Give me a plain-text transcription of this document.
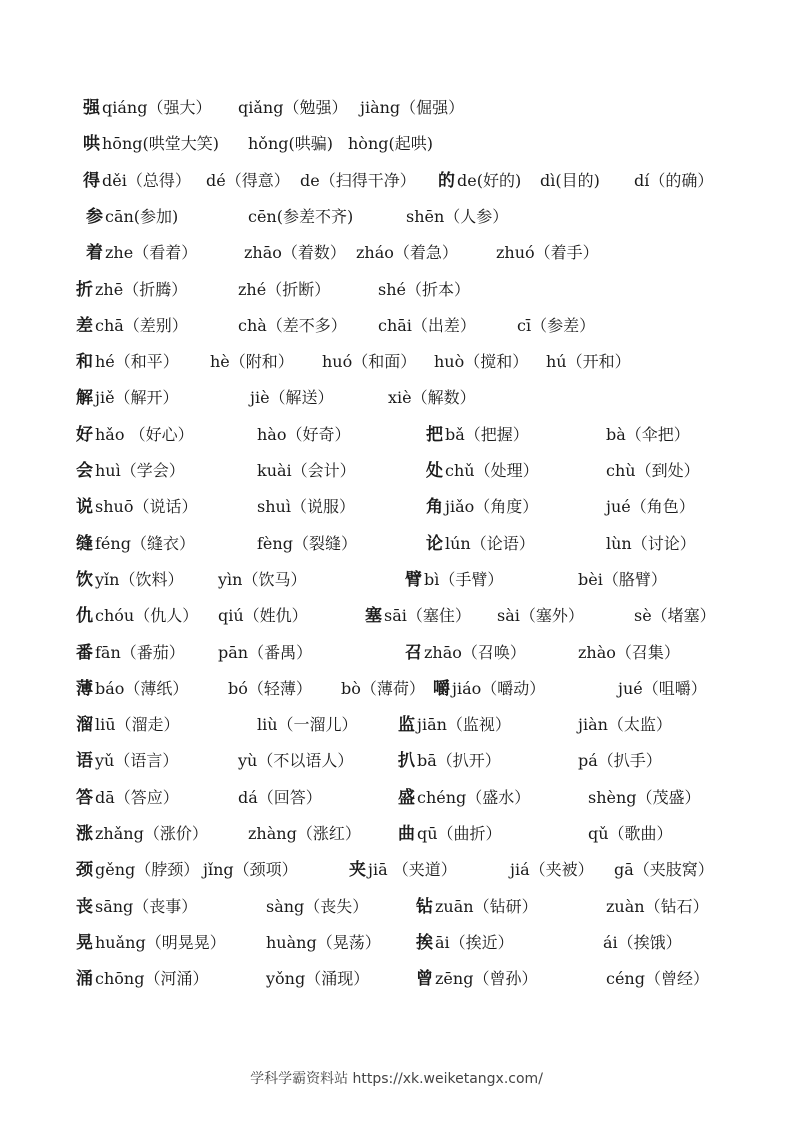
强 qiáng（强大） qiǎng（勉强） jiàng（倔强）
哄 hōng(哄堂大笑) hǒng(哄骗) hòng(起哄)
得 děi（总得） dé（得意） de（扫得干净） 的 de(好的) dì(目的) dí（的确）
参 cān(参加)	cēn(参差不齐)	shēn（人参）
着 zhe（看着）	zhāo（着数） zháo（着急） zhuó（着手）
折 zhē（折腾）	zhé（折断）	shé（折本）
差 chā（差别）	chà（差不多） chāi（出差）	cī（参差）
和 hé（和平） hè（附和） huó（和面） huò（搅和） hú（开和）
解 jiě（解开）	jiè（解送）	xiè（解数）
好 hǎo （好心）	hào（好奇）	把 bǎ（把握）	bà（伞把）
会 huì（学会）	kuài（会计）	处 chǔ（处理）	chù（到处）
说 shuō（说话）	shuì（说服）	角 jiǎo（角度）	jué（角色）
缝 féng（缝衣）	fèng（裂缝）	论 lún（论语）	lùn（讨论）
饮 yǐn（饮料） yìn（饮马）	臂 bì（手臂）	bèi（胳臂）
仇 chóu（仇人） qiú（姓仇）	塞 sāi（塞住） sài（塞外）	sè（堵塞）
番 fān（番茄） pān（番禺）	召 zhāo（召唤）	zhào（召集）
薄 báo（薄纸） bó（轻薄） bò（薄荷） 嚼 jiáo（嚼动）	jué（咀嚼）
溜 liū（溜走）	liù（一溜儿） 监 jiān（监视）	jiàn（太监）
语 yǔ（语言）	yù（不以语人）	扒 bā（扒开）	pá（扒手）
答 dā（答应）	dá（回答）	盛 chéng（盛水）	shèng（茂盛）
涨 zhǎng（涨价）	zhàng（涨红） 曲 qū（曲折）	qǔ（歌曲）
颈 gěng（脖颈） jǐng（颈项）	夹 jiā （夹道）	jiá（夹被） gā（夹肢窝）
丧 sāng（丧事）	sàng（丧失）	钻 zuān（钻研）	zuàn（钻石）
晃 huǎng（明晃晃）	huàng（晃荡） 挨 āi（挨近）	ái（挨饿）
涌 chōng（河涌）	yǒng（涌现）	曾 zēng（曾孙）	céng（曾经）
学科学霸资料站 https://xk.weiketangx.com/
